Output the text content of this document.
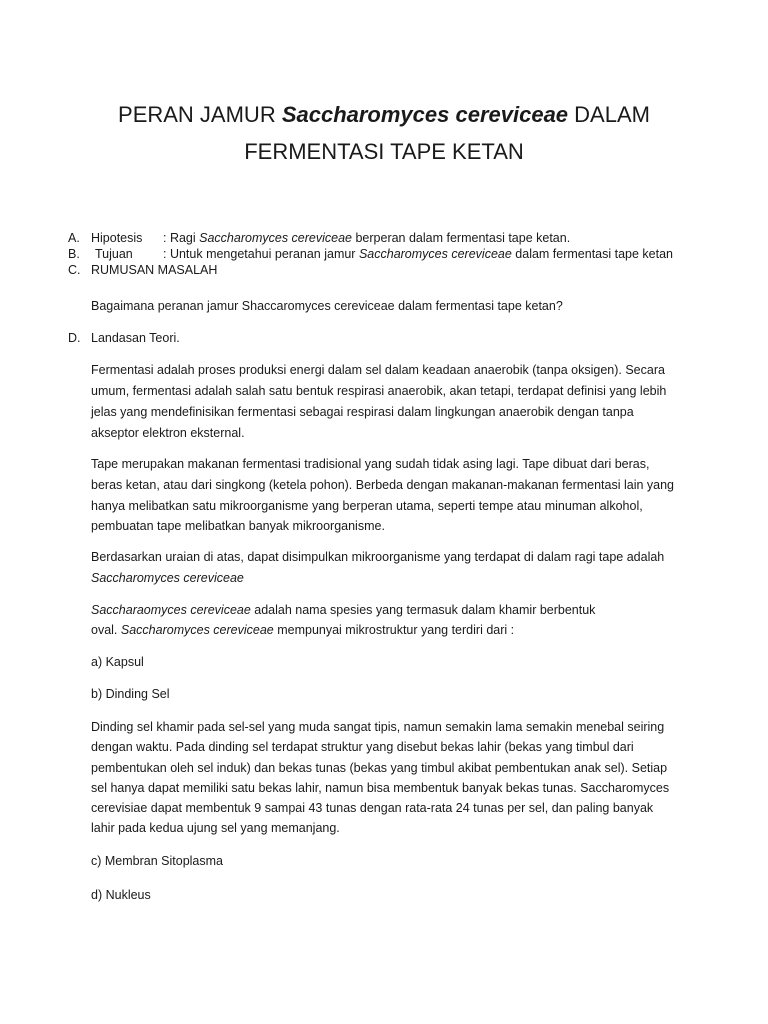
PERAN JAMUR Saccharomyces cereviceae DALAM
FERMENTASI TAPE KETAN
A. Hipotesis : Ragi Saccharomyces cereviceae berperan dalam fermentasi tape ketan.
B. Tujuan : Untuk mengetahui peranan jamur Saccharomyces cereviceae dalam fermentasi tape ketan
C. RUMUSAN MASALAH
Bagaimana peranan jamur Shaccaromyces cereviceae dalam fermentasi tape ketan?
D. Landasan Teori.
Fermentasi adalah proses produksi energi dalam sel dalam keadaan anaerobik (tanpa oksigen). Secara
umum, fermentasi adalah salah satu bentuk respirasi anaerobik, akan tetapi, terdapat definisi yang lebih
jelas yang mendefinisikan fermentasi sebagai respirasi dalam lingkungan anaerobik dengan tanpa
akseptor elektron eksternal.
Tape merupakan makanan fermentasi tradisional yang sudah tidak asing lagi. Tape dibuat dari beras,
beras ketan, atau dari singkong (ketela pohon). Berbeda dengan makanan-makanan fermentasi lain yang
hanya melibatkan satu mikroorganisme yang berperan utama, seperti tempe atau minuman alkohol,
pembuatan tape melibatkan banyak mikroorganisme.
Berdasarkan uraian di atas, dapat disimpulkan mikroorganisme yang terdapat di dalam ragi tape adalah
Saccharomyces cereviceae
Saccharaomyces cereviceae adalah nama spesies yang termasuk dalam khamir berbentuk
oval. Saccharomyces cereviceae mempunyai mikrostruktur yang terdiri dari :
a) Kapsul
b) Dinding Sel
Dinding sel khamir pada sel-sel yang muda sangat tipis, namun semakin lama semakin menebal seiring
dengan waktu. Pada dinding sel terdapat struktur yang disebut bekas lahir (bekas yang timbul dari
pembentukan oleh sel induk) dan bekas tunas (bekas yang timbul akibat pembentukan anak sel). Setiap
sel hanya dapat memiliki satu bekas lahir, namun bisa membentuk banyak bekas tunas. Saccharomyces
cerevisiae dapat membentuk 9 sampai 43 tunas dengan rata-rata 24 tunas per sel, dan paling banyak
lahir pada kedua ujung sel yang memanjang.
c) Membran Sitoplasma
d) Nukleus
